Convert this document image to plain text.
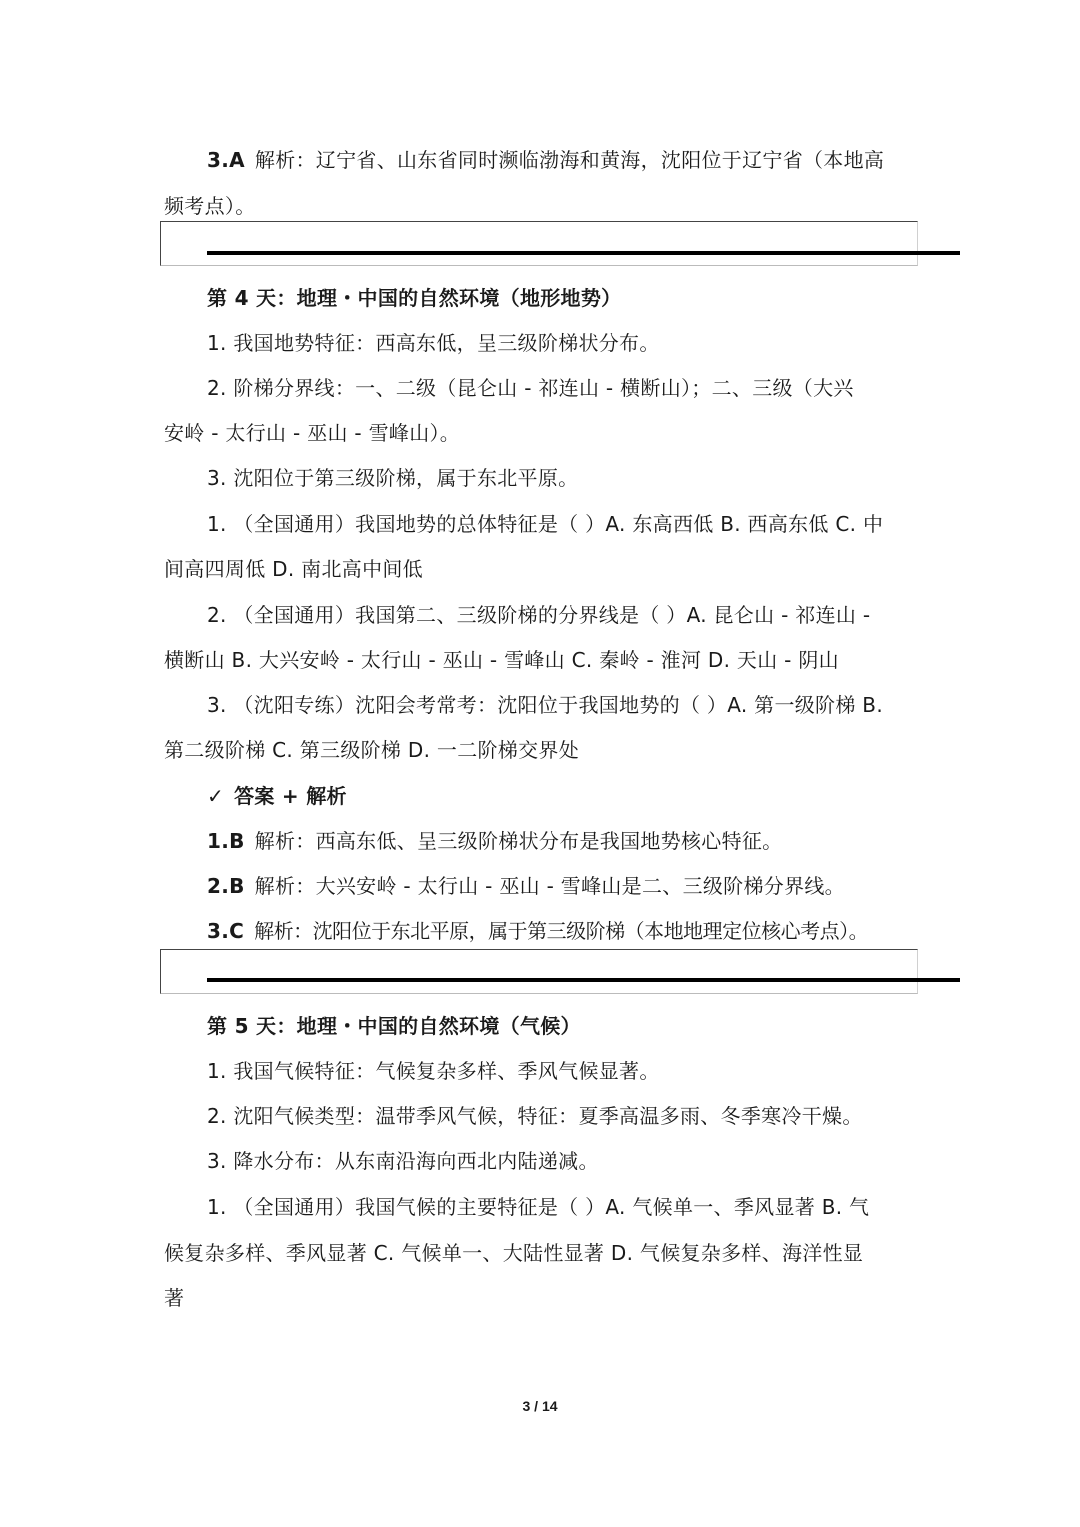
3.A 解析：辽宁省、山东省同时濒临渤海和黄海，沈阳位于辽宁省（本地高
频考点）。
第 4 天：地理・中国的自然环境（地形地势）
1. 我国地势特征：西高东低，呈三级阶梯状分布。
2. 阶梯分界线：一、二级（昆仑山 - 祁连山 - 横断山）；二、三级（大兴
安岭 - 太行山 - 巫山 - 雪峰山）。
3. 沈阳位于第三级阶梯，属于东北平原。
1. （全国通用）我国地势的总体特征是（ ）A. 东高西低 B. 西高东低 C. 中
间高四周低 D. 南北高中间低
2. （全国通用）我国第二、三级阶梯的分界线是（ ）A. 昆仑山 - 祁连山 -
横断山 B. 大兴安岭 - 太行山 - 巫山 - 雪峰山 C. 秦岭 - 淮河 D. 天山 - 阴山
3. （沈阳专练）沈阳会考常考：沈阳位于我国地势的（ ）A. 第一级阶梯 B.
第二级阶梯 C. 第三级阶梯 D. 一二阶梯交界处
✓ 答案 + 解析
1.B 解析：西高东低、呈三级阶梯状分布是我国地势核心特征。
2.B 解析：大兴安岭 - 太行山 - 巫山 - 雪峰山是二、三级阶梯分界线。
3.C 解析：沈阳位于东北平原，属于第三级阶梯（本地地理定位核心考点）。
第 5 天：地理・中国的自然环境（气候）
1. 我国气候特征：气候复杂多样、季风气候显著。
2. 沈阳气候类型：温带季风气候，特征：夏季高温多雨、冬季寒冷干燥。
3. 降水分布：从东南沿海向西北内陆递减。
1. （全国通用）我国气候的主要特征是（ ）A. 气候单一、季风显著 B. 气
候复杂多样、季风显著 C. 气候单一、大陆性显著 D. 气候复杂多样、海洋性显
著
3 / 14
